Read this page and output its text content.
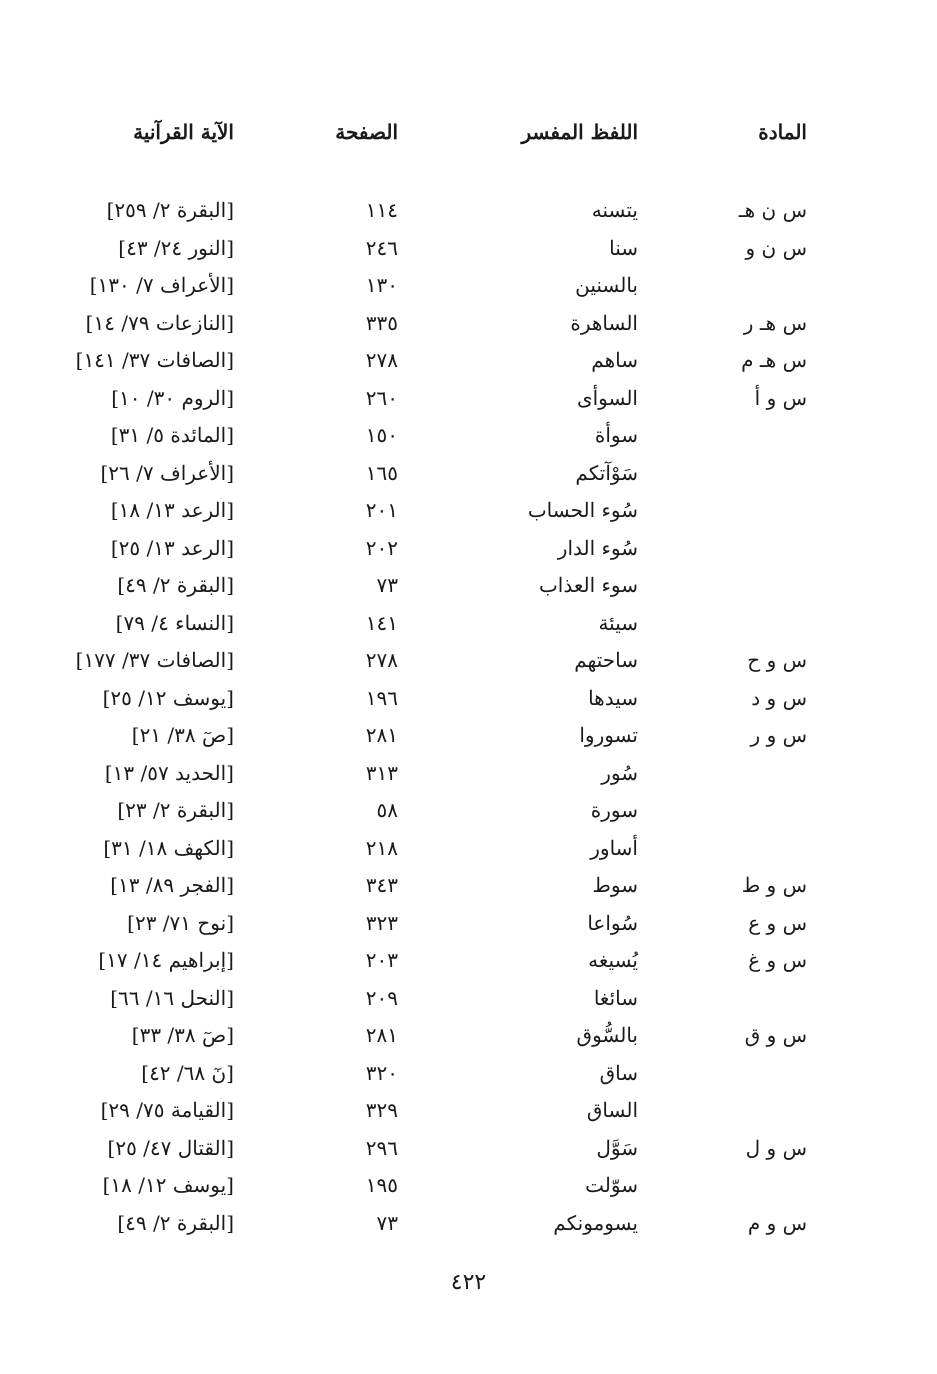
المادة
اللفظ المفسر
الصفحة
الآية القرآنية
س ن هـ
يتسنه
١١٤
[البقرة ٢/ ٢٥٩]
س ن و
سنا
٢٤٦
[النور ٢٤/ ٤٣]
بالسنين
١٣٠
[الأعراف ٧/ ١٣٠]
س هـ ر
الساهرة
٣٣٥
[النازعات ٧٩/ ١٤]
س هـ م
ساهم
٢٧٨
[الصافات ٣٧/ ١٤١]
س و أ
السوأى
٢٦٠
[الروم ٣٠/ ١٠]
سوأة
١٥٠
[المائدة ٥/ ٣١]
سَوْآتكم
١٦٥
[الأعراف ٧/ ٢٦]
سُوء الحساب
٢٠١
[الرعد ١٣/ ١٨]
سُوء الدار
٢٠٢
[الرعد ١٣/ ٢٥]
سوء العذاب
٧٣
[البقرة ٢/ ٤٩]
سيئة
١٤١
[النساء ٤/ ٧٩]
س و ح
ساحتهم
٢٧٨
[الصافات ٣٧/ ١٧٧]
س و د
سيدها
١٩٦
[يوسف ١٢/ ٢٥]
س و ر
تسوروا
٢٨١
[صٓ ٣٨/ ٢١]
سُور
٣١٣
[الحديد ٥٧/ ١٣]
سورة
٥٨
[البقرة ٢/ ٢٣]
أساور
٢١٨
[الكهف ١٨/ ٣١]
س و ط
سوط
٣٤٣
[الفجر ٨٩/ ١٣]
س و ع
سُواعا
٣٢٣
[نوح ٧١/ ٢٣]
س و غ
يُسيغه
٢٠٣
[إبراهيم ١٤/ ١٧]
سائغا
٢٠٩
[النحل ١٦/ ٦٦]
س و ق
بالسُّوق
٢٨١
[صٓ ٣٨/ ٣٣]
ساق
٣٢٠
[نٓ ٦٨/ ٤٢]
الساق
٣٢٩
[القيامة ٧٥/ ٢٩]
س و ل
سَوَّل
٢٩٦
[القتال ٤٧/ ٢٥]
سوّلت
١٩٥
[يوسف ١٢/ ١٨]
س و م
يسومونكم
٧٣
[البقرة ٢/ ٤٩]
٤٢٢
